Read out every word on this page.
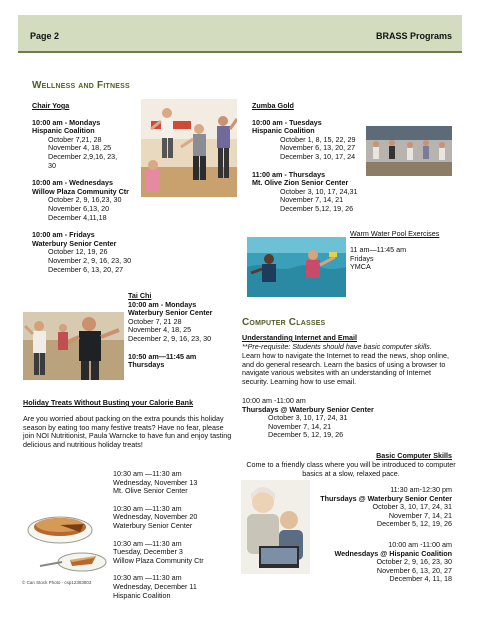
Page 2	BRASS Programs
Wellness and Fitness
Chair Yoga
10:00 am - Mondays
Hispanic Coalition
October 7,21, 28
November 4, 18, 25
December 2,9,16, 23,
30
10:00 am - Wednesdays
Willow Plaza Community Ctr
October 2, 9, 16,23, 30
November 6,13, 20
December 4,11,18
10:00 am - Fridays
Waterbury Senior Center
October 12, 19, 26
November 2, 9, 16, 23, 30
December 6, 13, 20, 27
Tai Chi
10:00 am - Mondays
Waterbury Senior Center
October 7, 21 28
November 4, 18, 25
December 2, 9, 16, 23, 30
10:50 am—11:45 am
Thursdays
Holiday Treats Without Busting your Calorie Bank
Are you worried about packing on the extra pounds this holiday season by eating too many festive treats? Have no fear, please join NOI Nutritionist, Paula Warncke to have fun and enjoy tasting delicious and nutritious holiday treats!
© Can Stock Photo - csp12383803
10:30 am —11:30 am
Wednesday, November 13
Mt. Olive Senior Center
10:30 am —11:30 am
Wednesday, November 20
Waterbury Senior Center
10:30 am —11:30 am
Tuesday, December 3
Willow Plaza Community Ctr
10:30 am —11:30 am
Wednesday, December 11
Hispanic Coalition
Zumba Gold
10:00 am - Tuesdays
Hispanic Coalition
October 1, 8, 15, 22, 29
November 6, 13, 20, 27
December 3, 10, 17, 24
11:00 am - Thursdays
Mt. Olive Zion Senior Center
October 3, 10, 17, 24,31
November 7, 14, 21
December 5,12, 19, 26
Warm Water Pool Exercises
11 am—11:45 am
Fridays
YMCA
Computer Classes
Understanding Internet and Email
**Pre-requisite: Students should have basic computer skills.
Learn how to navigate the Internet to read the news, shop online, and do general research. Learn the basics of using a browser to navigate various websites with an understanding of Internet security. Learning how to use email.
10:00 am -11:00 am
Thursdays @ Waterbury Senior Center
October 3, 10, 17, 24, 31
November 7, 14, 21
December 5, 12, 19, 26
Basic Computer Skills
Come to a friendly class where you will be introduced to computer basics at a slow, relaxed pace.
11:30 am-12:30 pm
Thursdays @ Waterbury Senior Center
October 3, 10, 17, 24, 31
November 7, 14, 21
December 5, 12, 19, 26
10:00 am -11:00 am
Wednesdays @ Hispanic Coalition
October 2, 9, 16, 23, 30
November 6, 13, 20, 27
December 4, 11, 18
